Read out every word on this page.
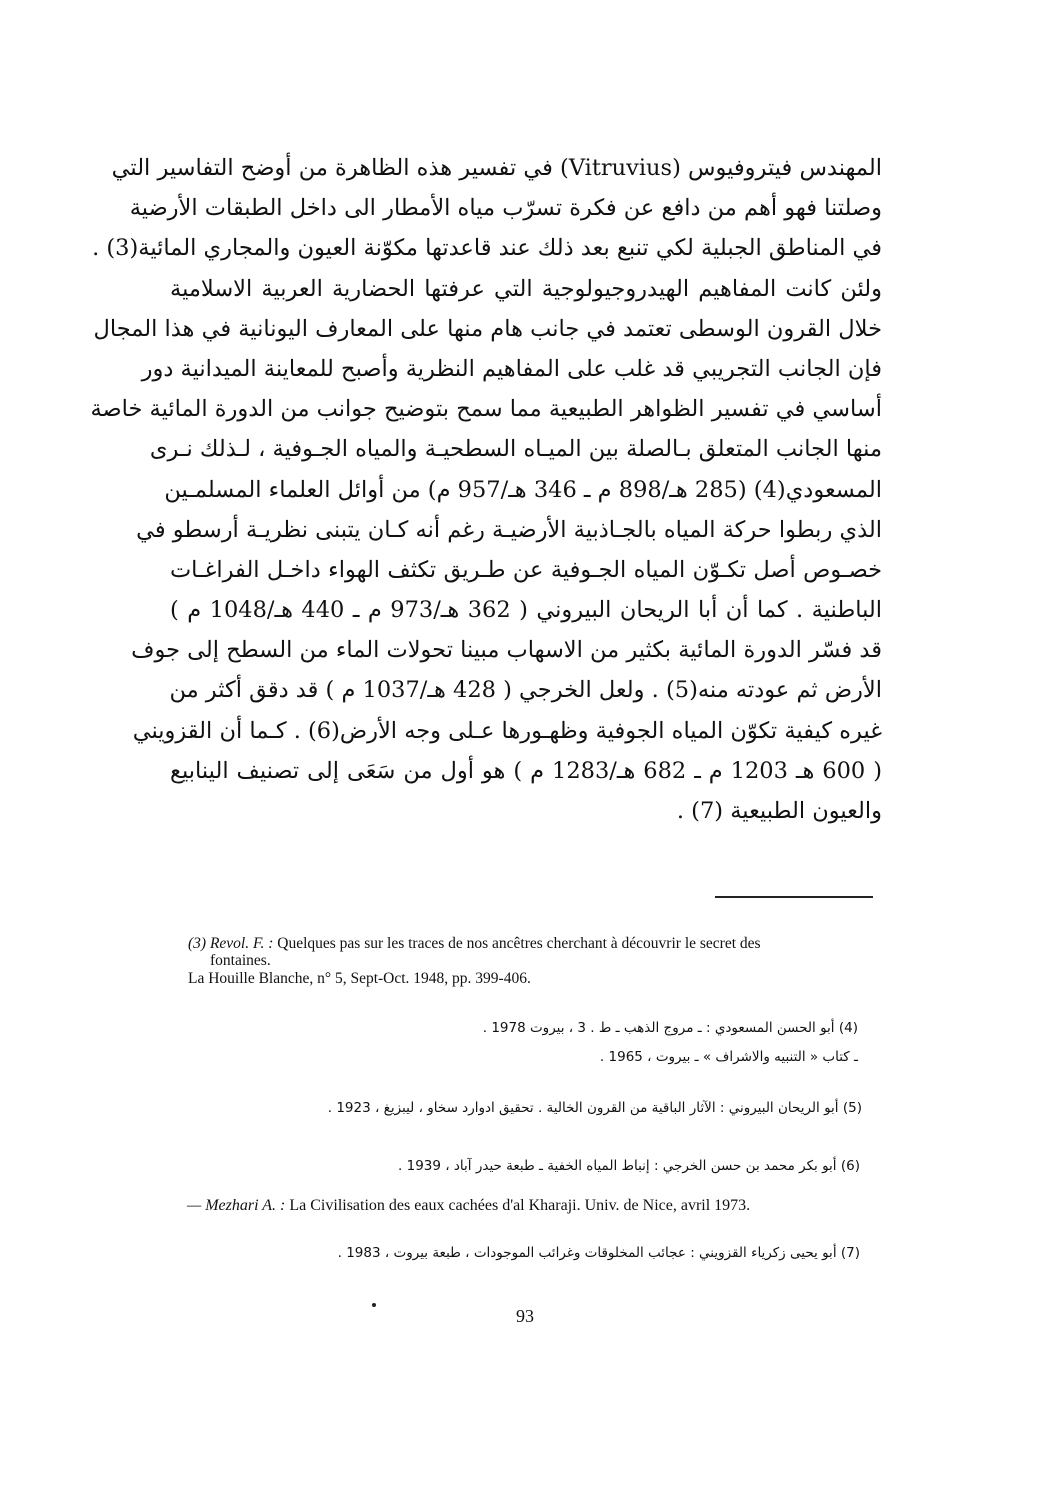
المهندس فيتروفيوس (Vitruvius) في تفسير هذه الظاهرة من أوضح التفاسير التي
وصلتنا فهو أهم من دافع عن فكرة تسرّب مياه الأمطار الى داخل الطبقات الأرضية
في المناطق الجبلية لكي تنبع بعد ذلك عند قاعدتها مكوّنة العيون والمجاري المائية(3) .
ولئن كانت المفاهيم الهيدروجيولوجية التي عرفتها الحضارية العربية الاسلامية
خلال القرون الوسطى تعتمد في جانب هام منها على المعارف اليونانية في هذا المجال
فإن الجانب التجريبي قد غلب على المفاهيم النظرية وأصبح للمعاينة الميدانية دور
أساسي في تفسير الظواهر الطبيعية مما سمح بتوضيح جوانب من الدورة المائية خاصة
منها الجانب المتعلق بـالصلة بين الميـاه السطحيـة والمياه الجـوفية ، لـذلك نـرى
المسعودي(4) (285 هـ/898 م ـ 346 هـ/957 م) من أوائل العلماء المسلمـين
الذي ربطوا حركة المياه بالجـاذبية الأرضيـة رغم أنه كـان يتبنى نظريـة أرسطو في
خصـوص أصل تكـوّن المياه الجـوفية عن طـريق تكثف الهواء داخـل الفراغـات
الباطنية . كما أن أبا الريحان البيروني ( 362 هـ/973 م ـ 440 هـ/1048 م )
قد فسّر الدورة المائية بكثير من الاسهاب مبينا تحولات الماء من السطح إلى جوف
الأرض ثم عودته منه(5) . ولعل الخرجي ( 428 هـ/1037 م ) قد دقق أكثر من
غيره كيفية تكوّن المياه الجوفية وظهـورها عـلى وجه الأرض(6) . كـما أن القزويني
( 600 هـ 1203 م ـ 682 هـ/1283 م ) هو أول من سَعَى إلى تصنيف الينابيع
والعيون الطبيعية (7) .
(3) Revol. F. : Quelques pas sur les traces de nos ancêtres cherchant à découvrir le secret des
fontaines.
La Houille Blanche, n° 5, Sept-Oct. 1948, pp. 399-406.
(4) أبو الحسن المسعودي : ـ مروج الذهب ـ ط . 3 ، بيروت 1978 .
ـ كتاب « التنبيه والاشراف » ـ بيروت ، 1965 .
(5) أبو الريحان البيروني : الآثار الباقية من القرون الخالية . تحقيق ادوارد سخاو ، ليبزيغ ، 1923 .
(6) أبو بكر محمد بن حسن الخرجي : إنباط المياه الخفية ـ طبعة حيدر آباد ، 1939 .
— Mezhari A. : La Civilisation des eaux cachées d'al Kharaji. Univ. de Nice, avril 1973.
(7) أبو يحيى زكرياء القزويني : عجائب المخلوقات وغرائب الموجودات ، طبعة بيروت ، 1983 .
93
